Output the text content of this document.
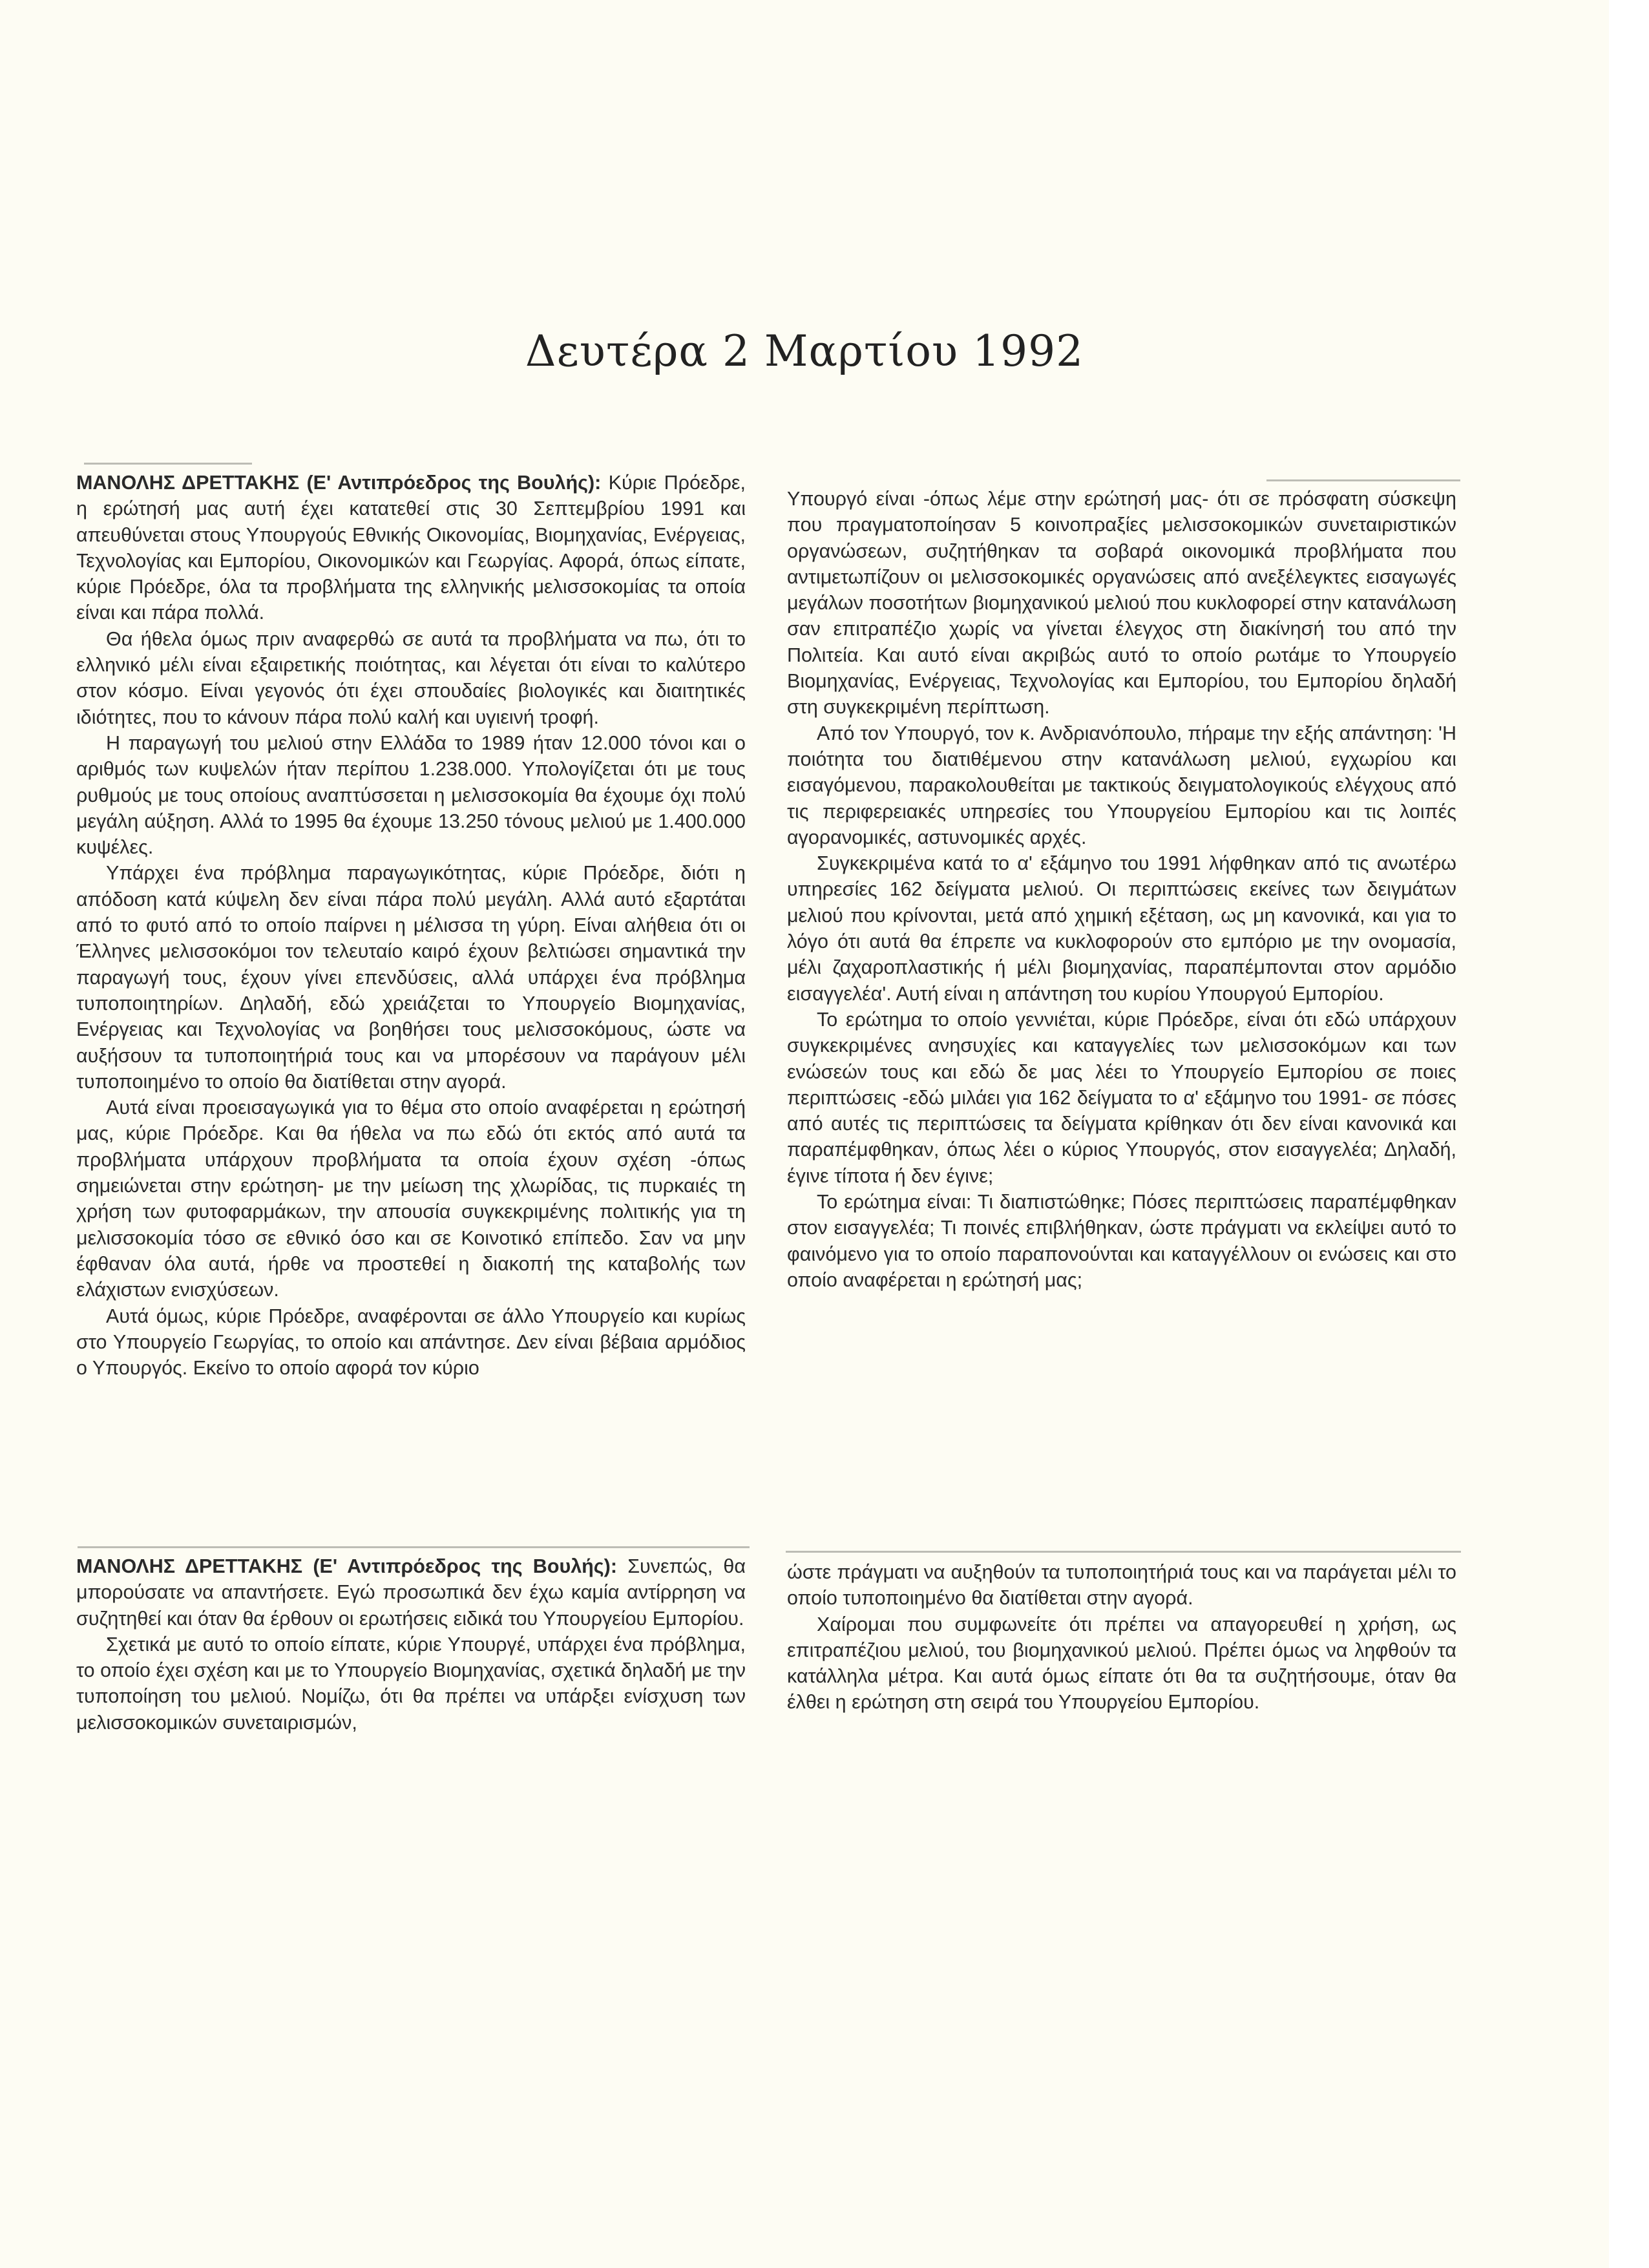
Δευτέρα 2 Μαρτίου 1992

ΜΑΝΟΛΗΣ ΔΡΕΤΤΑΚΗΣ (Ε' Αντιπρόεδρος της Βουλής): Κύριε Πρόεδρε, η ερώτησή μας αυτή έχει κατατεθεί στις 30 Σεπτεμβρίου 1991 και απευθύνεται στους Υπουργούς Εθνικής Οικονομίας, Βιομηχανίας, Ενέργειας, Τεχνολογίας και Εμπορίου, Οικονομικών και Γεωργίας. Αφορά, όπως είπατε, κύριε Πρόεδρε, όλα τα προβλήματα της ελληνικής μελισσοκομίας τα οποία είναι και πάρα πολλά.

Θα ήθελα όμως πριν αναφερθώ σε αυτά τα προβλήματα να πω, ότι το ελληνικό μέλι είναι εξαιρετικής ποιότητας, και λέγεται ότι είναι το καλύτερο στον κόσμο. Είναι γεγονός ότι έχει σπουδαίες βιολογικές και διαιτητικές ιδιότητες, που το κάνουν πάρα πολύ καλή και υγιεινή τροφή.

Η παραγωγή του μελιού στην Ελλάδα το 1989 ήταν 12.000 τόνοι και ο αριθμός των κυψελών ήταν περίπου 1.238.000. Υπολογίζεται ότι με τους ρυθμούς με τους οποίους αναπτύσσεται η μελισσοκομία θα έχουμε όχι πολύ μεγάλη αύξηση. Αλλά το 1995 θα έχουμε 13.250 τόνους μελιού με 1.400.000 κυψέλες.

Υπάρχει ένα πρόβλημα παραγωγικότητας, κύριε Πρόεδρε, διότι η απόδοση κατά κύψελη δεν είναι πάρα πολύ μεγάλη. Αλλά αυτό εξαρτάται από το φυτό από το οποίο παίρνει η μέλισσα τη γύρη. Είναι αλήθεια ότι οι Έλληνες μελισσοκόμοι τον τελευταίο καιρό έχουν βελτιώσει σημαντικά την παραγωγή τους, έχουν γίνει επενδύσεις, αλλά υπάρχει ένα πρόβλημα τυποποιητηρίων. Δηλαδή, εδώ χρειάζεται το Υπουργείο Βιομηχανίας, Ενέργειας και Τεχνολογίας να βοηθήσει τους μελισσοκόμους, ώστε να αυξήσουν τα τυποποιητήριά τους και να μπορέσουν να παράγουν μέλι τυποποιημένο το οποίο θα διατίθεται στην αγορά.

Αυτά είναι προεισαγωγικά για το θέμα στο οποίο αναφέρεται η ερώτησή μας, κύριε Πρόεδρε. Και θα ήθελα να πω εδώ ότι εκτός από αυτά τα προβλήματα υπάρχουν προβλήματα τα οποία έχουν σχέση -όπως σημειώνεται στην ερώτηση- με την μείωση της χλωρίδας, τις πυρκαιές τη χρήση των φυτοφαρμάκων, την απουσία συγκεκριμένης πολιτικής για τη μελισσοκομία τόσο σε εθνικό όσο και σε Κοινοτικό επίπεδο. Σαν να μην έφθαναν όλα αυτά, ήρθε να προστεθεί η διακοπή της καταβολής των ελάχιστων ενισχύσεων.

Αυτά όμως, κύριε Πρόεδρε, αναφέρονται σε άλλο Υπουργείο και κυρίως στο Υπουργείο Γεωργίας, το οποίο και απάντησε. Δεν είναι βέβαια αρμόδιος ο Υπουργός. Εκείνο το οποίο αφορά τον κύριο

Υπουργό είναι -όπως λέμε στην ερώτησή μας- ότι σε πρόσφατη σύσκεψη που πραγματοποίησαν 5 κοινοπραξίες μελισσοκομικών συνεταιριστικών οργανώσεων, συζητήθηκαν τα σοβαρά οικονομικά προβλήματα που αντιμετωπίζουν οι μελισσοκομικές οργανώσεις από ανεξέλεγκτες εισαγωγές μεγάλων ποσοτήτων βιομηχανικού μελιού που κυκλοφορεί στην κατανάλωση σαν επιτραπέζιο χωρίς να γίνεται έλεγχος στη διακίνησή του από την Πολιτεία. Και αυτό είναι ακριβώς αυτό το οποίο ρωτάμε το Υπουργείο Βιομηχανίας, Ενέργειας, Τεχνολογίας και Εμπορίου, του Εμπορίου δηλαδή στη συγκεκριμένη περίπτωση.

Από τον Υπουργό, τον κ. Ανδριανόπουλο, πήραμε την εξής απάντηση: 'Η ποιότητα του διατιθέμενου στην κατανάλωση μελιού, εγχωρίου και εισαγόμενου, παρακολουθείται με τακτικούς δειγματολογικούς ελέγχους από τις περιφερειακές υπηρεσίες του Υπουργείου Εμπορίου και τις λοιπές αγορανομικές, αστυνομικές αρχές.

Συγκεκριμένα κατά το α' εξάμηνο του 1991 λήφθηκαν από τις ανωτέρω υπηρεσίες 162 δείγματα μελιού. Οι περιπτώσεις εκείνες των δειγμάτων μελιού που κρίνονται, μετά από χημική εξέταση, ως μη κανονικά, και για το λόγο ότι αυτά θα έπρεπε να κυκλοφορούν στο εμπόριο με την ονομασία, μέλι ζαχαροπλαστικής ή μέλι βιομηχανίας, παραπέμπονται στον αρμόδιο εισαγγελέα'. Αυτή είναι η απάντηση του κυρίου Υπουργού Εμπορίου.

Το ερώτημα το οποίο γεννιέται, κύριε Πρόεδρε, είναι ότι εδώ υπάρχουν συγκεκριμένες ανησυχίες και καταγγελίες των μελισσοκόμων και των ενώσεών τους και εδώ δε μας λέει το Υπουργείο Εμπορίου σε ποιες περιπτώσεις -εδώ μιλάει για 162 δείγματα το α' εξάμηνο του 1991- σε πόσες από αυτές τις περιπτώσεις τα δείγματα κρίθηκαν ότι δεν είναι κανονικά και παραπέμφθηκαν, όπως λέει ο κύριος Υπουργός, στον εισαγγελέα; Δηλαδή, έγινε τίποτα ή δεν έγινε;

Το ερώτημα είναι: Τι διαπιστώθηκε; Πόσες περιπτώσεις παραπέμφθηκαν στον εισαγγελέα; Τι ποινές επιβλήθηκαν, ώστε πράγματι να εκλείψει αυτό το φαινόμενο για το οποίο παραπονούνται και καταγγέλλουν οι ενώσεις και στο οποίο αναφέρεται η ερώτησή μας;

ΜΑΝΟΛΗΣ ΔΡΕΤΤΑΚΗΣ (Ε' Αντιπρόεδρος της Βουλής): Συνεπώς, θα μπορούσατε να απαντήσετε. Εγώ προσωπικά δεν έχω καμία αντίρρηση να συζητηθεί και όταν θα έρθουν οι ερωτήσεις ειδικά του Υπουργείου Εμπορίου.

Σχετικά με αυτό το οποίο είπατε, κύριε Υπουργέ, υπάρχει ένα πρόβλημα, το οποίο έχει σχέση και με το Υπουργείο Βιομηχανίας, σχετικά δηλαδή με την τυποποίηση του μελιού. Νομίζω, ότι θα πρέπει να υπάρξει ενίσχυση των μελισσοκομικών συνεταιρισμών,

ώστε πράγματι να αυξηθούν τα τυποποιητήριά τους και να παράγεται μέλι το οποίο τυποποιημένο θα διατίθεται στην αγορά.

Χαίρομαι που συμφωνείτε ότι πρέπει να απαγορευθεί η χρήση, ως επιτραπέζιου μελιού, του βιομηχανικού μελιού. Πρέπει όμως να ληφθούν τα κατάλληλα μέτρα. Και αυτά όμως είπατε ότι θα τα συζητήσουμε, όταν θα έλθει η ερώτηση στη σειρά του Υπουργείου Εμπορίου.
